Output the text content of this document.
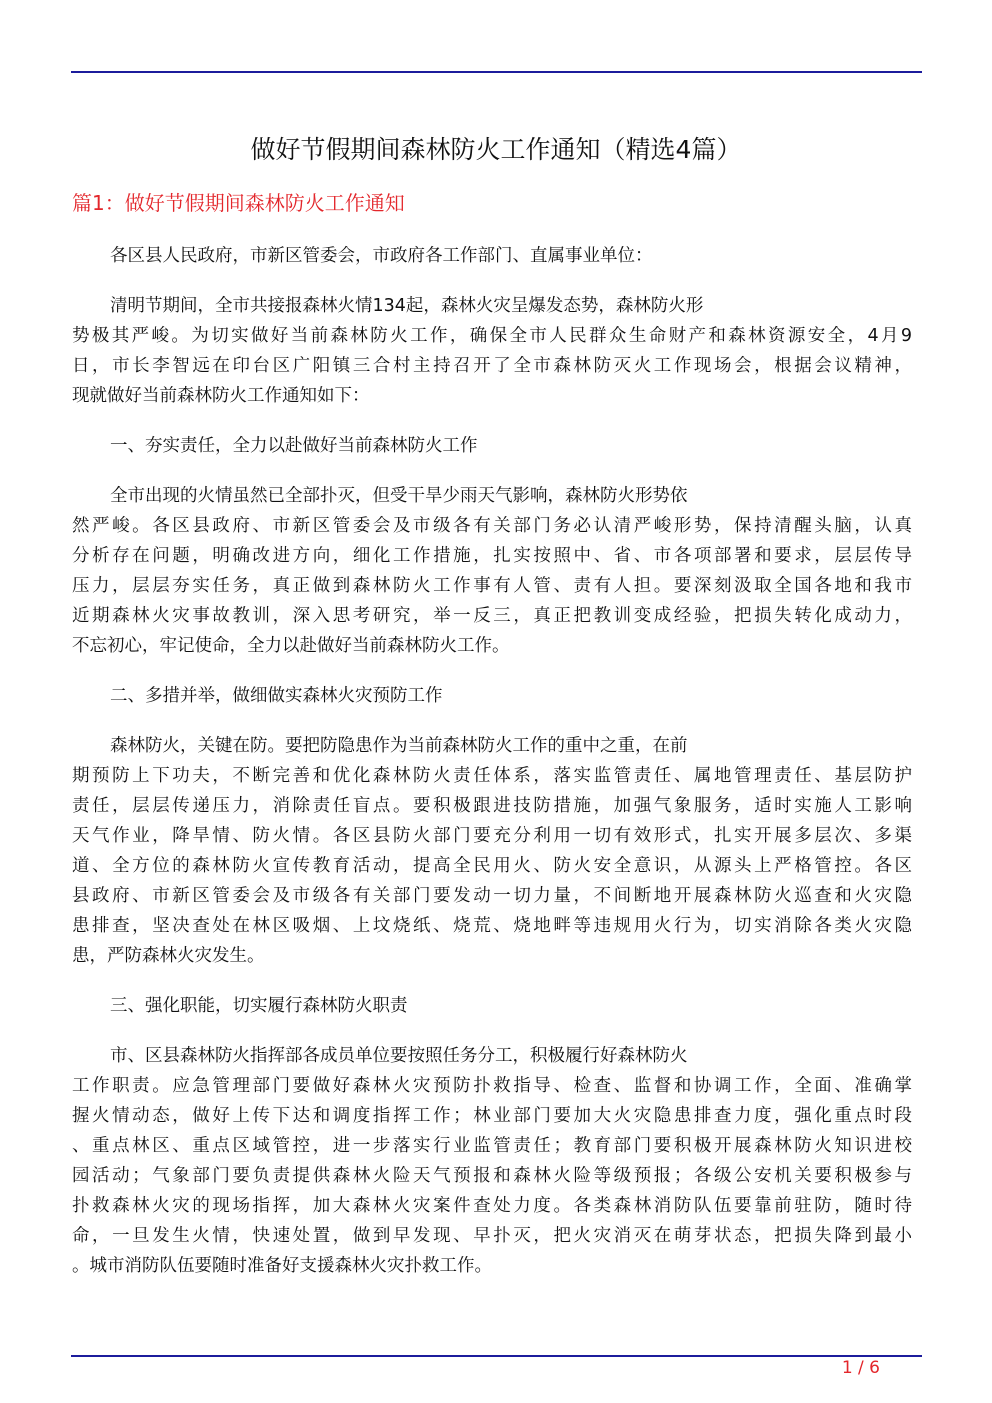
做好节假期间森林防火工作通知（精选4篇）
篇1：做好节假期间森林防火工作通知
各区县人民政府，市新区管委会，市政府各工作部门、直属事业单位：
清明节期间，全市共接报森林火情134起，森林火灾呈爆发态势，森林防火形
势极其严峻。为切实做好当前森林防火工作，确保全市人民群众生命财产和森林资源安全，4月9
日，市长李智远在印台区广阳镇三合村主持召开了全市森林防灭火工作现场会，根据会议精神，
现就做好当前森林防火工作通知如下：
一、夯实责任，全力以赴做好当前森林防火工作
全市出现的火情虽然已全部扑灭，但受干旱少雨天气影响，森林防火形势依
然严峻。各区县政府、市新区管委会及市级各有关部门务必认清严峻形势，保持清醒头脑，认真
分析存在问题，明确改进方向，细化工作措施，扎实按照中、省、市各项部署和要求，层层传导
压力，层层夯实任务，真正做到森林防火工作事有人管、责有人担。要深刻汲取全国各地和我市
近期森林火灾事故教训，深入思考研究，举一反三，真正把教训变成经验，把损失转化成动力，
不忘初心，牢记使命，全力以赴做好当前森林防火工作。
二、多措并举，做细做实森林火灾预防工作
森林防火，关键在防。要把防隐患作为当前森林防火工作的重中之重，在前
期预防上下功夫，不断完善和优化森林防火责任体系，落实监管责任、属地管理责任、基层防护
责任，层层传递压力，消除责任盲点。要积极跟进技防措施，加强气象服务，适时实施人工影响
天气作业，降旱情、防火情。各区县防火部门要充分利用一切有效形式，扎实开展多层次、多渠
道、全方位的森林防火宣传教育活动，提高全民用火、防火安全意识，从源头上严格管控。各区
县政府、市新区管委会及市级各有关部门要发动一切力量，不间断地开展森林防火巡查和火灾隐
患排查，坚决查处在林区吸烟、上坟烧纸、烧荒、烧地畔等违规用火行为，切实消除各类火灾隐
患，严防森林火灾发生。
三、强化职能，切实履行森林防火职责
市、区县森林防火指挥部各成员单位要按照任务分工，积极履行好森林防火
工作职责。应急管理部门要做好森林火灾预防扑救指导、检查、监督和协调工作，全面、准确掌
握火情动态，做好上传下达和调度指挥工作；林业部门要加大火灾隐患排查力度，强化重点时段
、重点林区、重点区域管控，进一步落实行业监管责任；教育部门要积极开展森林防火知识进校
园活动；气象部门要负责提供森林火险天气预报和森林火险等级预报；各级公安机关要积极参与
扑救森林火灾的现场指挥，加大森林火灾案件查处力度。各类森林消防队伍要靠前驻防，随时待
命，一旦发生火情，快速处置，做到早发现、早扑灭，把火灾消灭在萌芽状态，把损失降到最小
。城市消防队伍要随时准备好支援森林火灾扑救工作。
1 / 6
